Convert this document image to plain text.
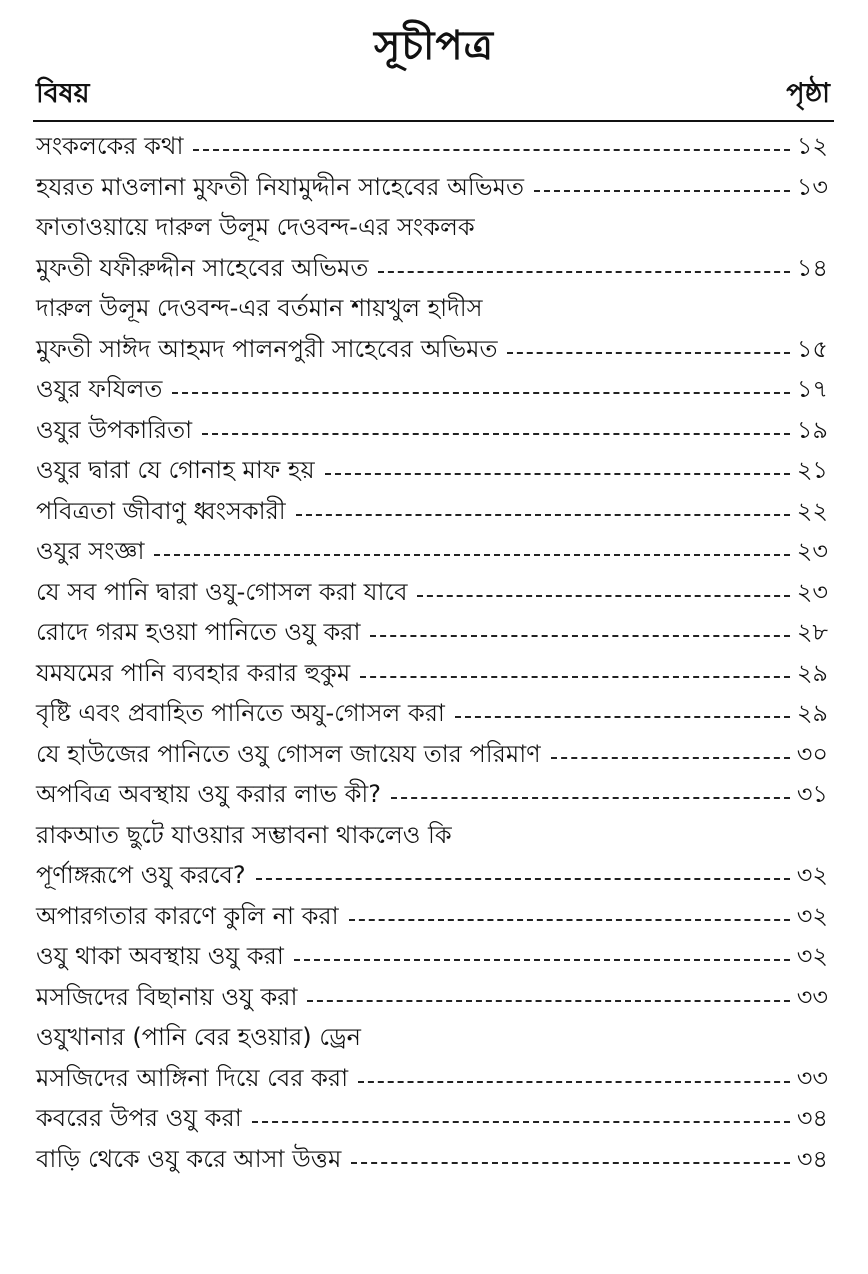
সূচীপত্র
বিষয়	পৃষ্ঠা
সংকলকের কথা	১২
হযরত মাওলানা মুফতী নিযামুদ্দীন সাহেবের অভিমত	১৩
ফাতাওয়ায়ে দারুল উলূম দেওবন্দ-এর সংকলক
মুফতী যফীরুদ্দীন সাহেবের অভিমত	১৪
দারুল উলূম দেওবন্দ-এর বর্তমান শায়খুল হাদীস
মুফতী সাঈদ আহমদ পালনপুরী সাহেবের অভিমত	১৫
ওযুর ফযিলত	১৭
ওযুর উপকারিতা	১৯
ওযুর দ্বারা যে গোনাহ মাফ হয়	২১
পবিত্রতা জীবাণু ধ্বংসকারী	২২
ওযুর সংজ্ঞা	২৩
যে সব পানি দ্বারা ওযু-গোসল করা যাবে	২৩
রোদে গরম হওয়া পানিতে ওযু করা	২৮
যমযমের পানি ব্যবহার করার হুকুম	২৯
বৃষ্টি এবং প্রবাহিত পানিতে অযু-গোসল করা	২৯
যে হাউজের পানিতে ওযু গোসল জায়েয তার পরিমাণ	৩০
অপবিত্র অবস্থায় ওযু করার লাভ কী?	৩১
রাকআত ছুটে যাওয়ার সম্ভাবনা থাকলেও কি
পূর্ণাঙ্গরূপে ওযু করবে?	৩২
অপারগতার কারণে কুলি না করা	৩২
ওযু থাকা অবস্থায় ওযু করা	৩২
মসজিদের বিছানায় ওযু করা	৩৩
ওযুখানার (পানি বের হওয়ার) ড্রেন
মসজিদের আঙ্গিনা দিয়ে বের করা	৩৩
কবরের উপর ওযু করা	৩৪
বাড়ি থেকে ওযু করে আসা উত্তম	৩৪
